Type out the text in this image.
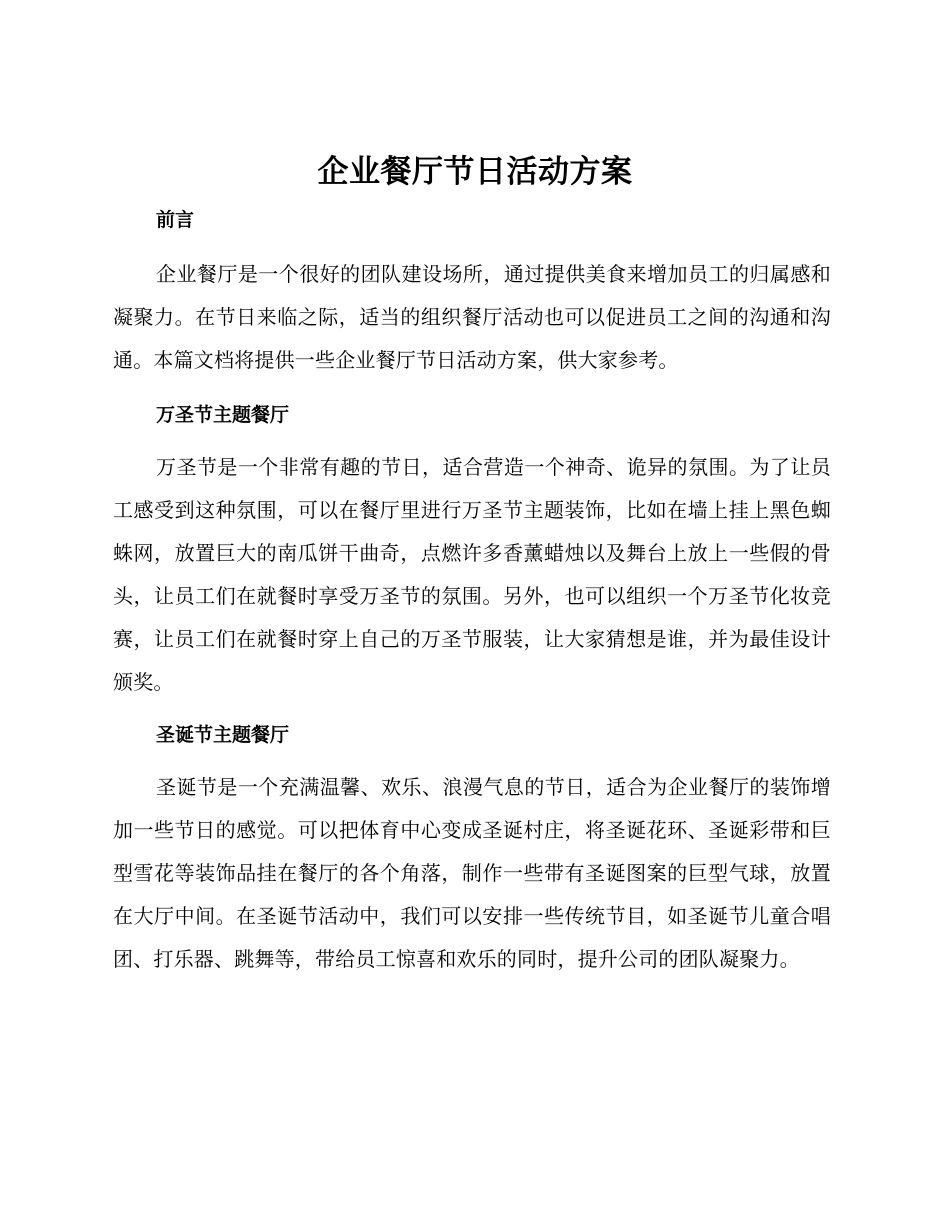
企业餐厅节日活动方案
前言

企业餐厅是一个很好的团队建设场所，通过提供美食来增加员工的归属感和凝聚力。在节日来临之际，适当的组织餐厅活动也可以促进员工之间的沟通和沟通。本篇文档将提供一些企业餐厅节日活动方案，供大家参考。

万圣节主题餐厅

万圣节是一个非常有趣的节日，适合营造一个神奇、诡异的氛围。为了让员工感受到这种氛围，可以在餐厅里进行万圣节主题装饰，比如在墙上挂上黑色蜘蛛网，放置巨大的南瓜饼干曲奇，点燃许多香薰蜡烛以及舞台上放上一些假的骨头，让员工们在就餐时享受万圣节的氛围。另外，也可以组织一个万圣节化妆竞赛，让员工们在就餐时穿上自己的万圣节服装，让大家猜想是谁，并为最佳设计颁奖。

圣诞节主题餐厅

圣诞节是一个充满温馨、欢乐、浪漫气息的节日，适合为企业餐厅的装饰增加一些节日的感觉。可以把体育中心变成圣诞村庄，将圣诞花环、圣诞彩带和巨型雪花等装饰品挂在餐厅的各个角落，制作一些带有圣诞图案的巨型气球，放置在大厅中间。在圣诞节活动中，我们可以安排一些传统节目，如圣诞节儿童合唱团、打乐器、跳舞等，带给员工惊喜和欢乐的同时，提升公司的团队凝聚力。
